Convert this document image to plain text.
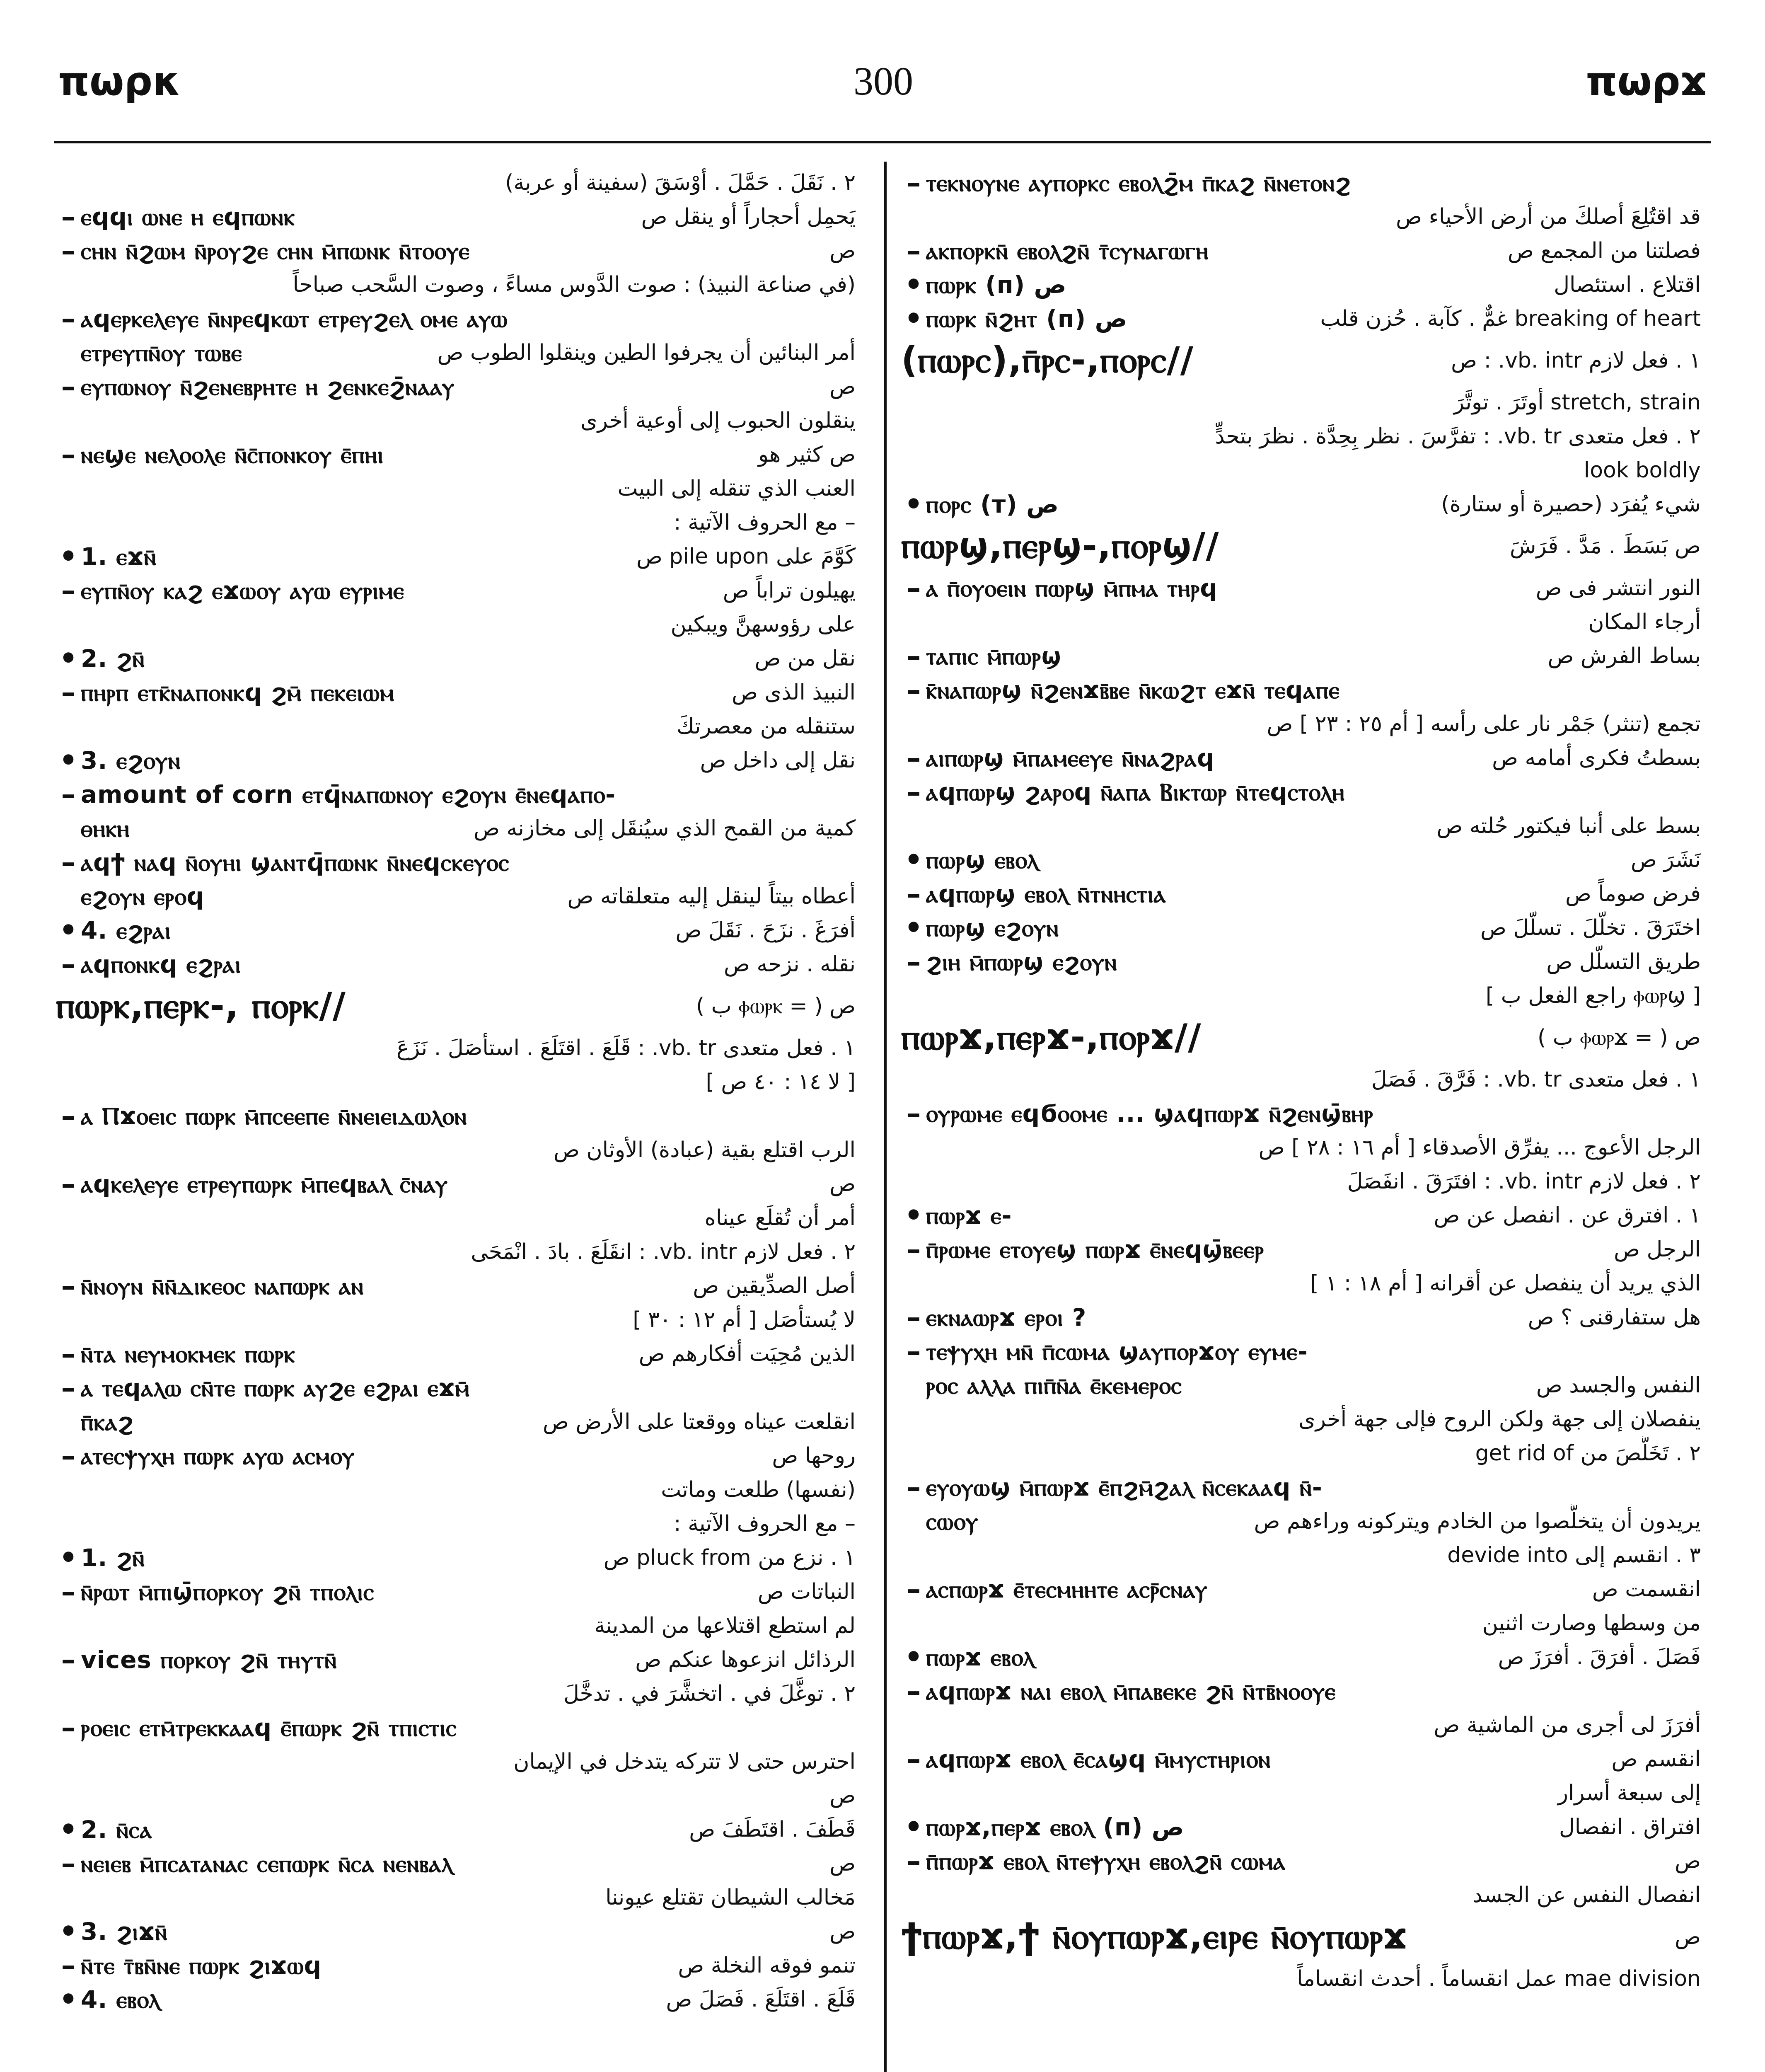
πωρκ	300	πωρϫ
٢ . نَقَلَ . حَمَّلَ . أوْسَقَ (سفينة أو عربة)
– ⲉϥϥⲓ ⲱⲛⲉ ⲏ ⲉϥⲡⲱⲛⲕ	يَحمِل أحجاراً أو ينقل ص
– ⲥⲏⲛ ⲛ̄ϩⲱⲙ ⲛ̄ⲣⲟⲩϩⲉ ⲥⲏⲛ ⲙ̄ⲡⲱⲛⲕ ⲛ̄ⲧⲟⲟⲩⲉ	ص
(في صناعة النبيذ) : صوت الدَّوس مساءً ، وصوت السَّحب صباحاً
– ⲁϥⲉⲣⲕⲉⲗⲉⲩⲉ ⲛ̄ⲛⲣⲉϥⲕⲱⲧ ⲉⲧⲣⲉⲩϩⲉⲗ ⲟⲙⲉ ⲁⲩⲱ
ⲉⲧⲣⲉⲩⲡⲛ̄ⲟⲩ ⲧⲱⲃⲉ	أمر البنائين أن يجرفوا الطين وينقلوا الطوب ص
– ⲉⲩⲡⲱⲛⲟⲩ ⲛ̄ϩⲉⲛⲉⲃⲣⲏⲧⲉ ⲏ ϩⲉⲛⲕⲉϩ̄ⲛⲁⲁⲩ	ص
ينقلون الحبوب إلى أوعية أخرى
– ⲛⲉϣⲉ ⲛⲉⲗⲟⲟⲗⲉ ⲛ̄ⲥ̄ⲡⲟⲛⲕⲟⲩ ⲉ̄ⲡⲏⲓ	ص كثير هو
العنب الذي تنقله إلى البيت
– مع الحروف الآتية :
• 1. ⲉϫⲛ̄	كَوَّمَ على pile upon ص
– ⲉⲩⲡⲛ̄ⲟⲩ ⲕⲁϩ ⲉϫⲱⲟⲩ ⲁⲩⲱ ⲉⲩⲣⲓⲙⲉ	يهيلون تراباً ص
على رؤوسهنَّ ويبكين
• 2. ϩⲛ̄	نقل من ص
– ⲡⲏⲣⲡ ⲉⲧⲕ̄ⲛⲁⲡⲟⲛⲕϥ ϩⲙ̄ ⲡⲉⲕⲉⲓⲱⲙ	النبيذ الذى ص
ستنقله من معصرتكَ
• 3. ⲉϩⲟⲩⲛ	نقل إلى داخل ص
– amount of corn ⲉⲧϥ̄ⲛⲁⲡⲱⲛⲟⲩ ⲉϩⲟⲩⲛ ⲉ̄ⲛⲉϥⲁⲡⲟ-
ⲑⲏⲕⲏ	كمية من القمح الذي سيُنقَل إلى مخازنه ص
– ⲁϥϯ ⲛⲁϥ ⲛ̄ⲟⲩⲏⲓ ϣⲁⲛⲧϥ̄ⲡⲱⲛⲕ ⲛ̄ⲛⲉϥⲥⲕⲉⲩⲟⲥ
ⲉϩⲟⲩⲛ ⲉⲣⲟϥ	أعطاه بيتاً لينقل إليه متعلقاته ص
• 4. ⲉϩⲣⲁⲓ	أفرَغَ . نزَحَ . نَقَلَ ص
– ⲁϥⲡⲟⲛⲕϥ ⲉϩⲣⲁⲓ	نقله . نزحه ص
ⲡⲱⲣⲕ,ⲡⲉⲣⲕ-, ⲡⲟⲣⲕ//	ص ( = ⲫⲱⲣⲕ ب )
١ . فعل متعدى vb. tr. : قَلَعَ . اقتَلَعَ . استأصَلَ . نَزَعَ
[ لا ١٤ : ٤٠ ص ]
– ⲁ Ⲡϫⲟⲉⲓⲥ ⲡⲱⲣⲕ ⲙ̄ⲡⲥⲉⲉⲡⲉ ⲛ̄ⲛⲉⲓⲉⲓⲇⲱⲗⲟⲛ
الرب اقتلع بقية (عبادة) الأوثان ص
– ⲁϥⲕⲉⲗⲉⲩⲉ ⲉⲧⲣⲉⲩⲡⲱⲣⲕ ⲙ̄ⲡⲉϥⲃⲁⲗ ⲥ̄ⲛⲁⲩ	ص
أمر أن تُقلَع عيناه
٢ . فعل لازم vb. intr. : انقَلَعَ . بادَ . انْمَحَى
– ⲛ̄ⲛⲟⲩⲛ ⲛ̄ⲛ̄ⲇⲓⲕⲉⲟⲥ ⲛⲁⲡⲱⲣⲕ ⲁⲛ	أصل الصدِّيقين ص
لا يُستأصَل [ أم ١٢ : ٣٠ ]
– ⲛ̄ⲧⲁ ⲛⲉⲩⲙⲟⲕⲙⲉⲕ ⲡⲱⲣⲕ	الذين مُحِيَت أفكارهم ص
– ⲁ ⲧⲉϥⲁⲗⲱ ⲥⲛ̄ⲧⲉ ⲡⲱⲣⲕ ⲁⲩϩⲉ ⲉϩⲣⲁⲓ ⲉϫⲙ̄
ⲡ̄ⲕⲁϩ	انقلعت عيناه ووقعتا على الأرض ص
– ⲁⲧⲉⲥⲯⲩⲭⲏ ⲡⲱⲣⲕ ⲁⲩⲱ ⲁⲥⲙⲟⲩ	روحها ص
(نفسها) طلعت وماتت
– مع الحروف الآتية :
• 1. ϩⲛ̄	١ . نزع من pluck from ص
– ⲛ̄ⲣⲱⲧ ⲙ̄ⲡⲓϣ̄ⲡⲟⲣⲕⲟⲩ ϩⲛ̄ ⲧⲡⲟⲗⲓⲥ	النباتات ص
لم استطع اقتلاعها من المدينة
– vices ⲡⲟⲣⲕⲟⲩ ϩⲛ̄ ⲧⲏⲩⲧⲛ̄	الرذائل انزعوها عنكم ص
٢ . توغَّلَ في . اتخشَّرَ في . تدخَّلَ
– ⲣⲟⲉⲓⲥ ⲉⲧⲙ̄ⲧⲣⲉⲕⲕⲁⲁϥ ⲉ̄ⲡⲱⲣⲕ ϩⲛ̄ ⲧⲡⲓⲥⲧⲓⲥ
احترس حتى لا تتركه يتدخل في الإيمان
ص
• 2. ⲛ̄ⲥⲁ	قَطَفَ . اقتَطَفَ ص
– ⲛⲉⲓⲉⲃ ⲙ̄ⲡⲥⲁⲧⲁⲛⲁⲥ ⲥⲉⲡⲱⲣⲕ ⲛ̄ⲥⲁ ⲛⲉⲛⲃⲁⲗ	ص
مَخالب الشيطان تقتلع عيوننا
• 3. ϩⲓϫⲛ̄	ص
– ⲛ̄ⲧⲉ ⲧ̄ⲃⲛ̄ⲛⲉ ⲡⲱⲣⲕ ϩⲓϫⲱϥ	تنمو فوقه النخلة ص
• 4. ⲉⲃⲟⲗ	قَلَعَ . اقتَلَعَ . فَصَلَ ص
– ⲧⲉⲕⲛⲟⲩⲛⲉ ⲁⲩⲡⲟⲣⲕⲥ ⲉⲃⲟⲗϩ̄ⲙ ⲡ̄ⲕⲁϩ ⲛ̄ⲛⲉⲧⲟⲛϩ
قد اقتُلِعَ أصلكَ من أرض الأحياء ص
– ⲁⲕⲡⲟⲣⲕⲛ̄ ⲉⲃⲟⲗϩⲛ̄ ⲧ̄ⲥⲩⲛⲁⲅⲱⲅⲏ	فصلتنا من المجمع ص
• ⲡⲱⲣⲕ (п) ص	اقتلاع . استئصال
• ⲡⲱⲣⲕ ⲛ̄ϩⲏⲧ (п) ص	breaking of heart غمٌّ . كآبة . حُزن قلب
(ⲡⲱⲣⲥ),ⲡ̄ⲣⲥ-,ⲡⲟⲣⲥ//	١ . فعل لازم vb. intr. : ص
stretch, strain أوتَرَ . توتَّرَ
٢ . فعل متعدى vb. tr. : تفرَّسَ . نظر بِحِدَّة . نظرَ بتحدٍّ
look boldly
• ⲡⲟⲣⲥ (т) ص	شيء يُفرَد (حصيرة أو ستارة)
ⲡⲱⲣϣ,ⲡⲉⲣϣ-,ⲡⲟⲣϣ//	ص بَسَطَ . مَدَّ . فَرَشَ
– ⲁ ⲡ̄ⲟⲩⲟⲉⲓⲛ ⲡⲱⲣϣ ⲙ̄ⲡⲙⲁ ⲧⲏⲣϥ	النور انتشر فى ص
أرجاء المكان
– ⲧⲁⲡⲓⲥ ⲙ̄ⲡⲱⲣϣ	بساط الفرش ص
– ⲕ̄ⲛⲁⲡⲱⲣϣ ⲛ̄ϩⲉⲛϫⲃ̄ⲃⲉ ⲛ̄ⲕⲱϩⲧ ⲉϫⲛ̄ ⲧⲉϥⲁⲡⲉ
تجمع (تنثر) جَمْر نار على رأسه [ أم ٢٥ : ٢٣ ] ص
– ⲁⲓⲡⲱⲣϣ ⲙ̄ⲡⲁⲙⲉⲉⲩⲉ ⲛ̄ⲛⲁϩⲣⲁϥ	بسطتُ فكرى أمامه ص
– ⲁϥⲡⲱⲣϣ ϩⲁⲣⲟϥ ⲛ̄ⲁⲡⲁ Ⲃⲓⲕⲧⲱⲣ ⲛ̄ⲧⲉϥⲥⲧⲟⲗⲏ
بسط على أنبا فيكتور حُلته ص
• ⲡⲱⲣϣ ⲉⲃⲟⲗ	نَشَرَ ص
– ⲁϥⲡⲱⲣϣ ⲉⲃⲟⲗ ⲛ̄ⲧⲛⲏⲥⲧⲓⲁ	فرض صوماً ص
• ⲡⲱⲣϣ ⲉϩⲟⲩⲛ	اختَرَقَ . تخلَّلَ . تسلَّلَ ص
– ϩⲓⲏ ⲙ̄ⲡⲱⲣϣ ⲉϩⲟⲩⲛ	طريق التسلُّل ص
[ ⲫⲱⲣϣ راجع الفعل ب ]
ⲡⲱⲣϫ,ⲡⲉⲣϫ-,ⲡⲟⲣϫ//	ص ( = ⲫⲱⲣϫ ب )
١ . فعل متعدى vb. tr. : فَرَّقَ . فَصَلَ
– ⲟⲩⲣⲱⲙⲉ ⲉϥϭⲟⲟⲙⲉ ... ϣⲁϥⲡⲱⲣϫ ⲛ̄ϩⲉⲛϣ̄ⲃⲏⲣ
الرجل الأعوج ... يفرِّق الأصدقاء [ أم ١٦ : ٢٨ ] ص
٢ . فعل لازم vb. intr. : افتَرَقَ . انفَصَلَ
• ⲡⲱⲣϫ ⲉ-	١ . افترق عن . انفصل عن ص
– ⲡ̄ⲣⲱⲙⲉ ⲉⲧⲟⲩⲉϣ ⲡⲱⲣϫ ⲉ̄ⲛⲉϥϣ̄ⲃⲉⲉⲣ	الرجل ص
الذي يريد أن ينفصل عن أقرانه [ أم ١٨ : ١ ]
– ⲉⲕⲛⲁⲱⲣϫ ⲉⲣⲟⲓ ?	هل ستفارقنى ؟ ص
– ⲧⲉⲯⲩⲭⲏ ⲙⲛ̄ ⲡ̄ⲥⲱⲙⲁ ϣⲁⲩⲡⲟⲣϫⲟⲩ ⲉⲩⲙⲉ-
ⲣⲟⲥ ⲁⲗⲗⲁ ⲡⲓⲡ̄ⲛ̄ⲁ ⲉ̄ⲕⲉⲙⲉⲣⲟⲥ	النفس والجسد ص
ينفصلان إلى جهة ولكن الروح فإلى جهة أخرى
٢ . تَخَلَّصَ من get rid of
– ⲉⲩⲟⲩⲱϣ ⲙ̄ⲡⲱⲣϫ ⲉ̄ⲡϩⲙ̄ϩⲁⲗ ⲛ̄ⲥⲉⲕⲁⲁϥ ⲛ̄-
ⲥⲱⲟⲩ	يريدون أن يتخلَّصوا من الخادم ويتركونه وراءهم ص
٣ . انقسم إلى devide into
– ⲁⲥⲡⲱⲣϫ ⲉ̄ⲧⲉⲥⲙⲏⲏⲧⲉ ⲁⲥⲣ̄ⲥⲛⲁⲩ	انقسمت ص
من وسطها وصارت اثنين
• ⲡⲱⲣϫ ⲉⲃⲟⲗ	فَصَلَ . أفرَقَ . أفرَزَ ص
– ⲁϥⲡⲱⲣϫ ⲛⲁⲓ ⲉⲃⲟⲗ ⲙ̄ⲡⲁⲃⲉⲕⲉ ϩⲛ̄ ⲛ̄ⲧⲃ̄ⲛⲟⲟⲩⲉ
أفرَزَ لى أجرى من الماشية ص
– ⲁϥⲡⲱⲣϫ ⲉⲃⲟⲗ ⲉ̄ⲥⲁϣϥ ⲙ̄ⲙⲩⲥⲧⲏⲣⲓⲟⲛ	انقسم ص
إلى سبعة أسرار
• ⲡⲱⲣϫ,ⲡⲉⲣϫ ⲉⲃⲟⲗ (п) ص	افتراق . انفصال
– ⲡ̄ⲡⲱⲣϫ ⲉⲃⲟⲗ ⲛ̄ⲧⲉⲯⲩⲭⲏ ⲉⲃⲟⲗϩⲛ̄ ⲥⲱⲙⲁ	ص
انفصال النفس عن الجسد
ϯⲡⲱⲣϫ,ϯ ⲛ̄ⲟⲩⲡⲱⲣϫ,ⲉⲓⲣⲉ ⲛ̄ⲟⲩⲡⲱⲣϫ	ص
mae division عمل انقساماً . أحدث انقساماً
